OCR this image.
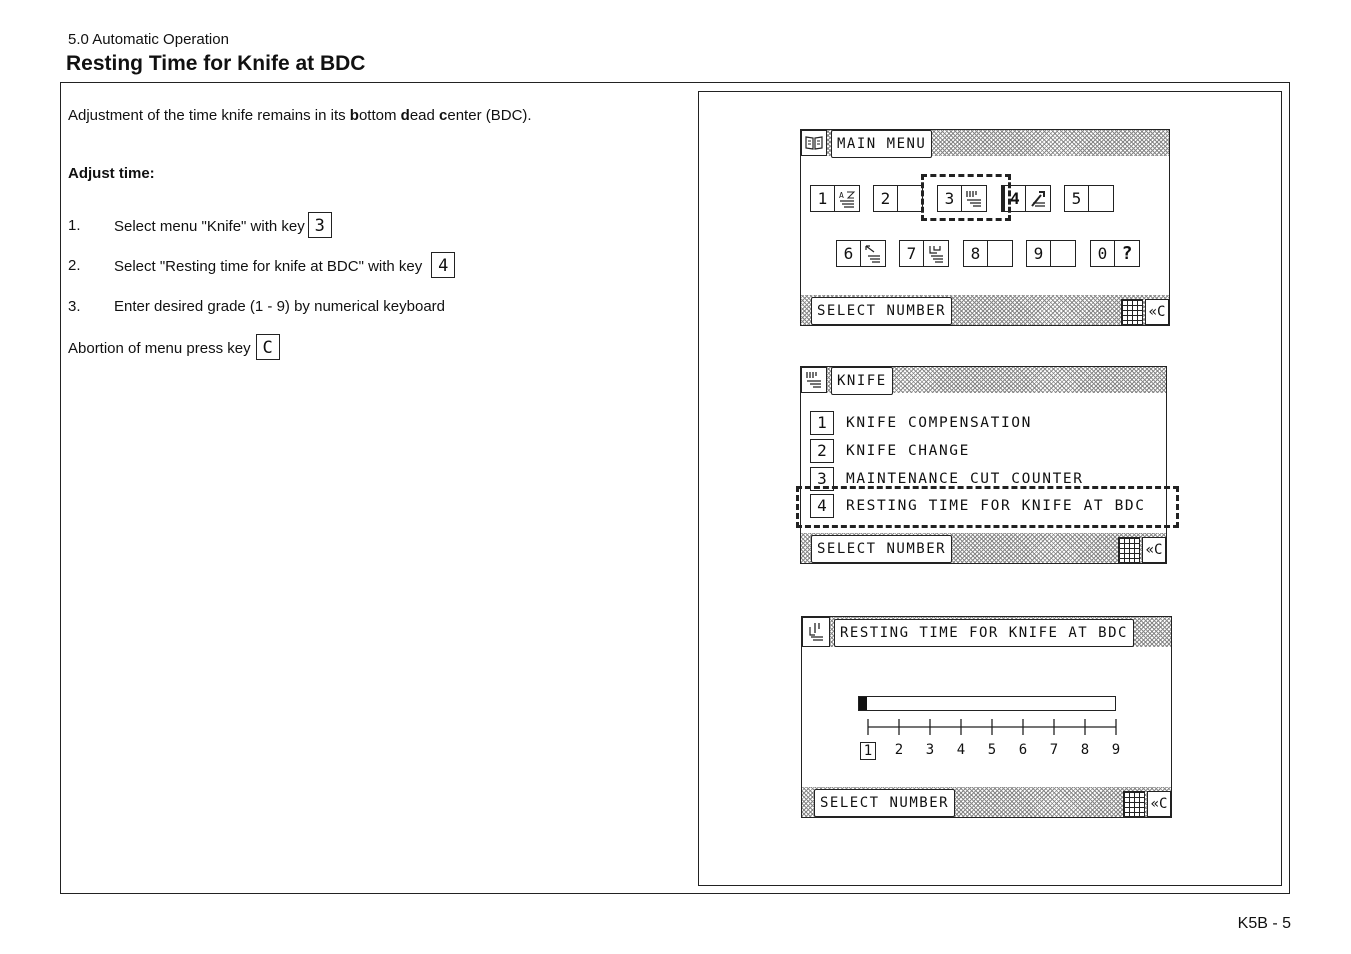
5.0 Automatic Operation
Resting Time for Knife at BDC
Adjustment of the time knife remains in its bottom dead center (BDC).
Adjust time:
1. Select menu "Knife" with key 3
2. Select "Resting time for knife at BDC" with key 4
3. Enter desired grade (1 - 9) by numerical keyboard
Abortion of menu press key C
MAIN MENU
1	A	2	3	4	5
6	7	8	9	0 ?
SELECT NUMBER	«C
KNIFE
1	KNIFE COMPENSATION
2	KNIFE CHANGE
3	MAINTENANCE CUT COUNTER
4	RESTING TIME FOR KNIFE AT BDC
SELECT NUMBER	«C
RESTING TIME FOR KNIFE AT BDC
1 2 3 4 5 6 7 8 9
SELECT NUMBER	«C
K5B - 5
